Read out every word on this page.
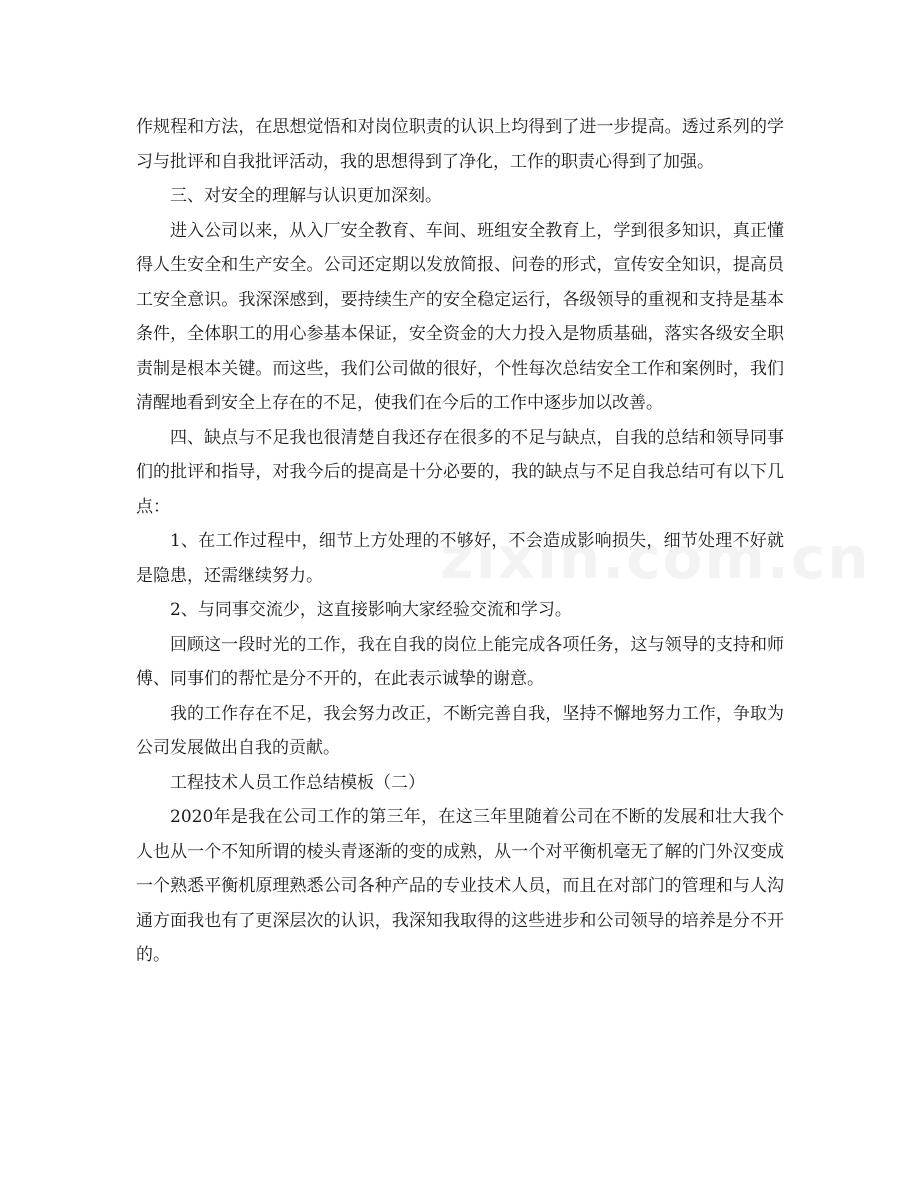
作规程和方法，在思想觉悟和对岗位职责的认识上均得到了进一步提高。透过系列的学习与批评和自我批评活动，我的思想得到了净化，工作的职责心得到了加强。

三、对安全的理解与认识更加深刻。

进入公司以来，从入厂安全教育、车间、班组安全教育上，学到很多知识，真正懂得人生安全和生产安全。公司还定期以发放简报、问卷的形式，宣传安全知识，提高员工安全意识。我深深感到，要持续生产的安全稳定运行，各级领导的重视和支持是基本条件，全体职工的用心参基本保证，安全资金的大力投入是物质基础，落实各级安全职责制是根本关键。而这些，我们公司做的很好，个性每次总结安全工作和案例时，我们清醒地看到安全上存在的不足，使我们在今后的工作中逐步加以改善。

四、缺点与不足我也很清楚自我还存在很多的不足与缺点，自我的总结和领导同事们的批评和指导，对我今后的提高是十分必要的，我的缺点与不足自我总结可有以下几点：

1、在工作过程中，细节上方处理的不够好，不会造成影响损失，细节处理不好就是隐患，还需继续努力。

2、与同事交流少，这直接影响大家经验交流和学习。

回顾这一段时光的工作，我在自我的岗位上能完成各项任务，这与领导的支持和师傅、同事们的帮忙是分不开的，在此表示诚挚的谢意。

我的工作存在不足，我会努力改正，不断完善自我，坚持不懈地努力工作，争取为公司发展做出自我的贡献。

工程技术人员工作总结模板（二）

2020年是我在公司工作的第三年，在这三年里随着公司在不断的发展和壮大我个人也从一个不知所谓的棱头青逐渐的变的成熟，从一个对平衡机毫无了解的门外汉变成一个熟悉平衡机原理熟悉公司各种产品的专业技术人员，而且在对部门的管理和与人沟通方面我也有了更深层次的认识，我深知我取得的这些进步和公司领导的培养是分不开的。
